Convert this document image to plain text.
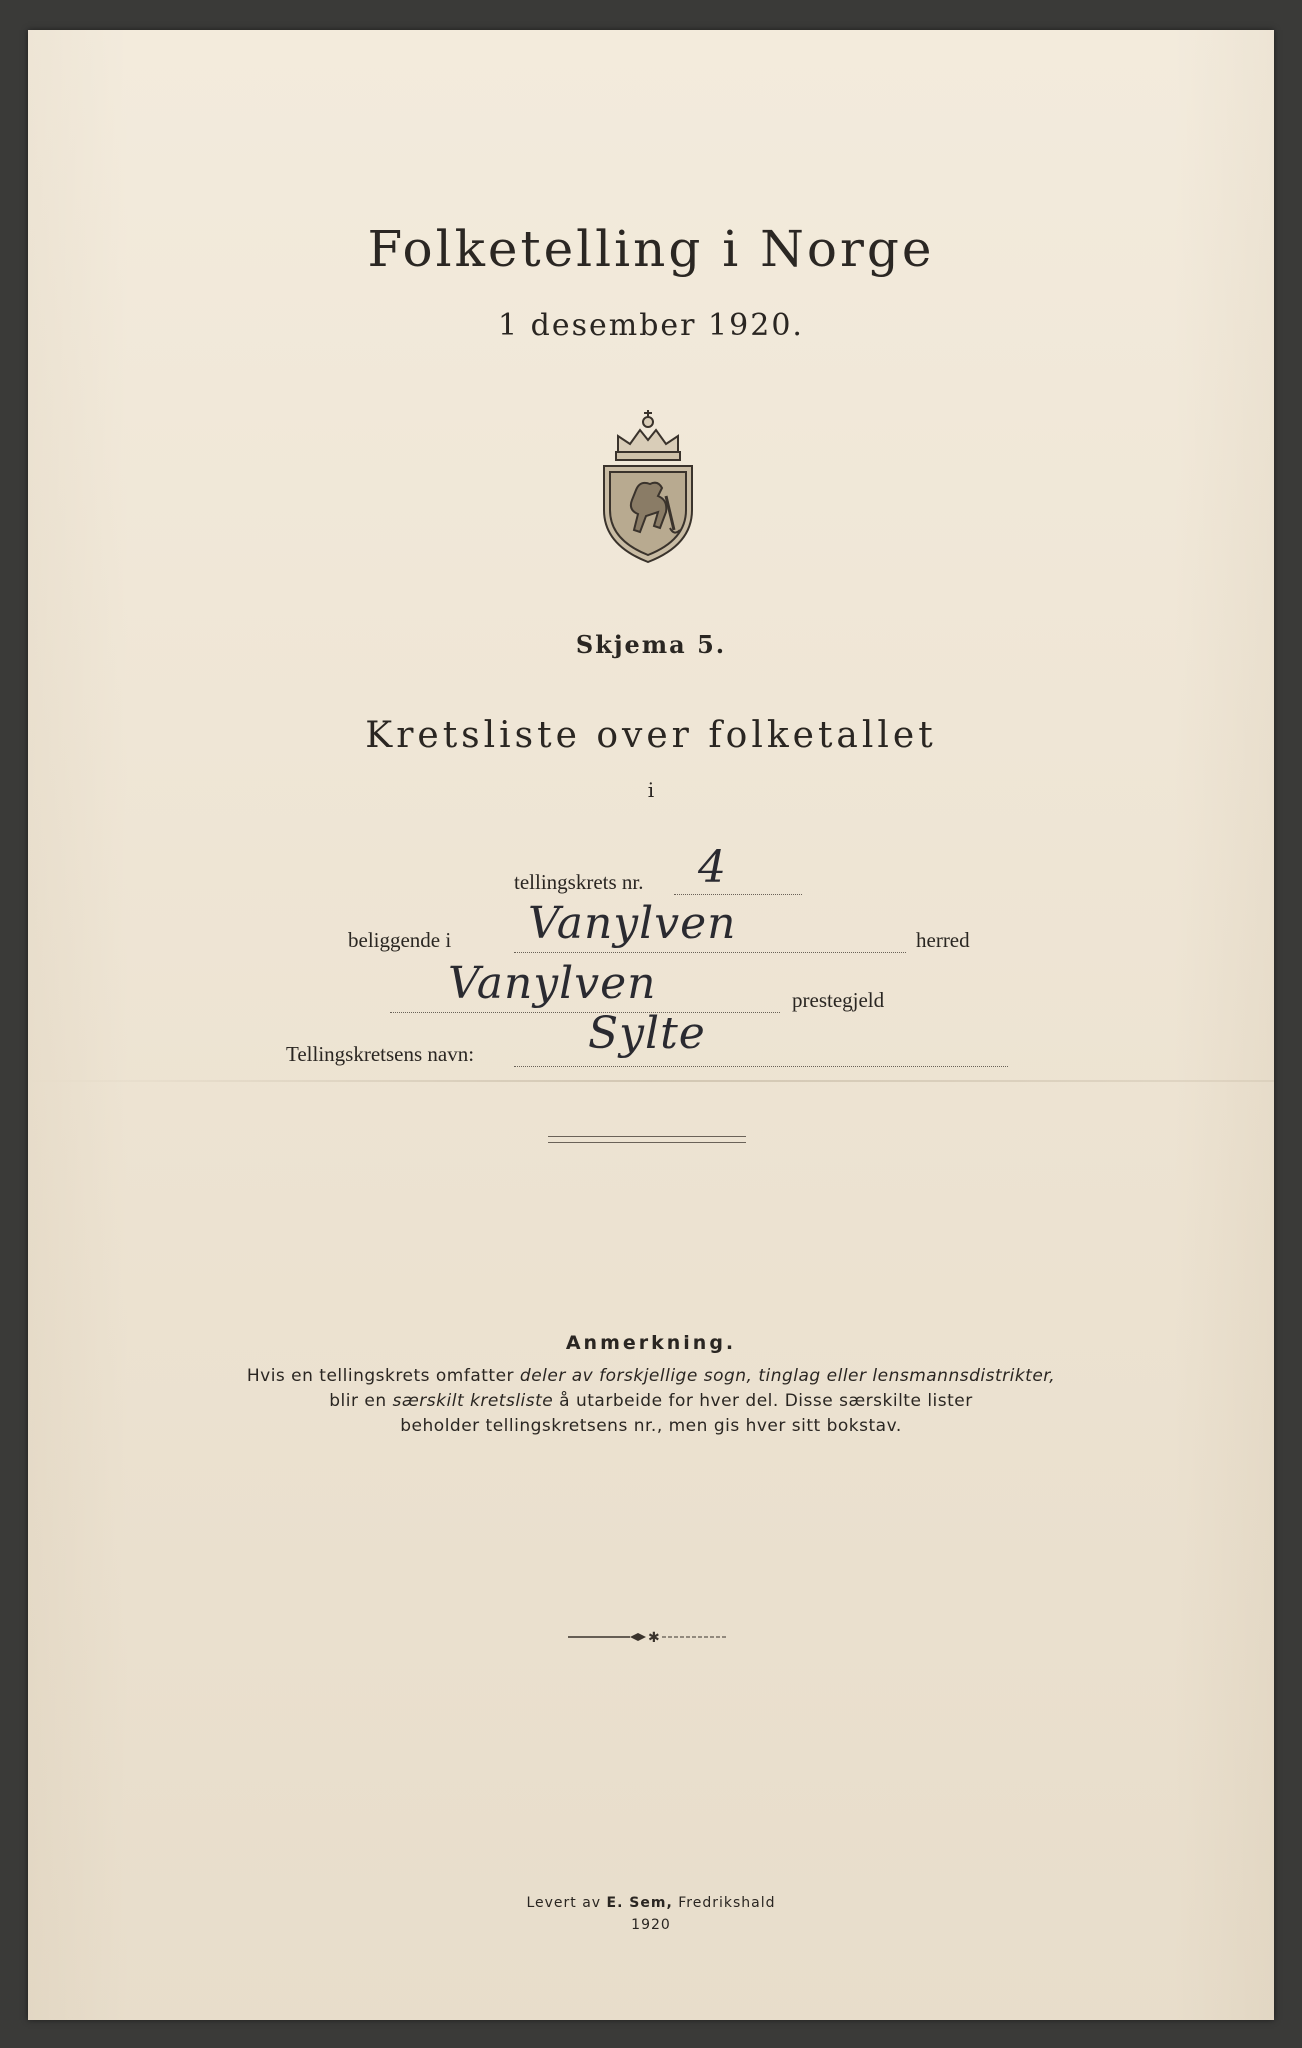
Folketelling i Norge
1 desember 1920.
Skjema 5.
Kretsliste over folketallet
i
tellingskrets nr. 4
beliggende i Vanylven	herred
Vanylven	prestegjeld
Tellingskretsens navn:	Sylte
Anmerkning.
Hvis en tellingskrets omfatter deler av forskjellige sogn, tinglag eller lensmannsdistrikter,
blir en særskilt kretsliste å utarbeide for hver del. Disse særskilte lister
beholder tellingskretsens nr., men gis hver sitt bokstav.
✱
Levert av E. Sem, Fredrikshald
1920
